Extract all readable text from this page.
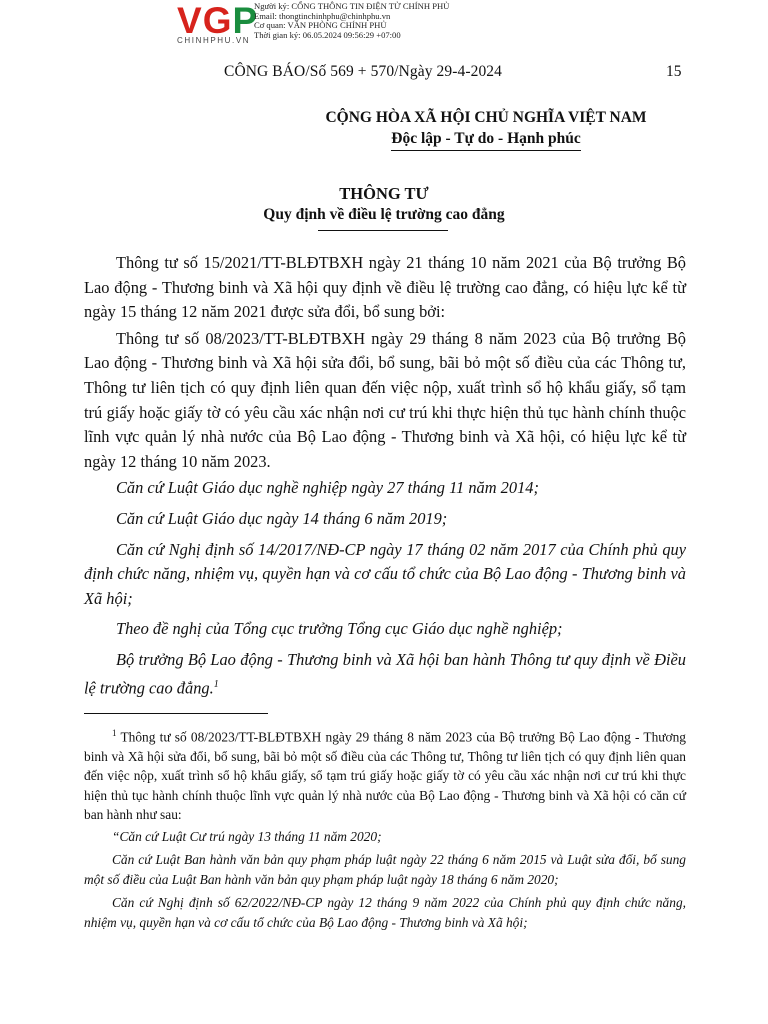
VGP
CHINHPHU.VN
Người ký: CỔNG THÔNG TIN ĐIỆN TỬ CHÍNH PHỦ
Email: thongtinchinhphu@chinhphu.vn
Cơ quan: VĂN PHÒNG CHÍNH PHỦ
Thời gian ký: 06.05.2024 09:56:29 +07:00
CÔNG BÁO/Số 569 + 570/Ngày 29-4-2024	15
CỘNG HÒA XÃ HỘI CHỦ NGHĨA VIỆT NAM
Độc lập - Tự do - Hạnh phúc
THÔNG TƯ
Quy định về điều lệ trường cao đẳng

Thông tư số 15/2021/TT-BLĐTBXH ngày 21 tháng 10 năm 2021 của Bộ trưởng Bộ Lao động - Thương binh và Xã hội quy định về điều lệ trường cao đẳng, có hiệu lực kể từ ngày 15 tháng 12 năm 2021 được sửa đổi, bổ sung bởi:

Thông tư số 08/2023/TT-BLĐTBXH ngày 29 tháng 8 năm 2023 của Bộ trưởng Bộ Lao động - Thương binh và Xã hội sửa đổi, bổ sung, bãi bỏ một số điều của các Thông tư, Thông tư liên tịch có quy định liên quan đến việc nộp, xuất trình sổ hộ khẩu giấy, sổ tạm trú giấy hoặc giấy tờ có yêu cầu xác nhận nơi cư trú khi thực hiện thủ tục hành chính thuộc lĩnh vực quản lý nhà nước của Bộ Lao động - Thương binh và Xã hội, có hiệu lực kể từ ngày 12 tháng 10 năm 2023.

Căn cứ Luật Giáo dục nghề nghiệp ngày 27 tháng 11 năm 2014;

Căn cứ Luật Giáo dục ngày 14 tháng 6 năm 2019;

Căn cứ Nghị định số 14/2017/NĐ-CP ngày 17 tháng 02 năm 2017 của Chính phủ quy định chức năng, nhiệm vụ, quyền hạn và cơ cấu tổ chức của Bộ Lao động - Thương binh và Xã hội;

Theo đề nghị của Tổng cục trưởng Tổng cục Giáo dục nghề nghiệp;

Bộ trưởng Bộ Lao động - Thương binh và Xã hội ban hành Thông tư quy định về Điều lệ trường cao đẳng.$^1$

$^1$ Thông tư số 08/2023/TT-BLĐTBXH ngày 29 tháng 8 năm 2023 của Bộ trưởng Bộ Lao động - Thương binh và Xã hội sửa đổi, bổ sung, bãi bỏ một số điều của các Thông tư, Thông tư liên tịch có quy định liên quan đến việc nộp, xuất trình sổ hộ khẩu giấy, sổ tạm trú giấy hoặc giấy tờ có yêu cầu xác nhận nơi cư trú khi thực hiện thủ tục hành chính thuộc lĩnh vực quản lý nhà nước của Bộ Lao động - Thương binh và Xã hội có căn cứ ban hành như sau:

“Căn cứ Luật Cư trú ngày 13 tháng 11 năm 2020;

Căn cứ Luật Ban hành văn bản quy phạm pháp luật ngày 22 tháng 6 năm 2015 và Luật sửa đổi, bổ sung một số điều của Luật Ban hành văn bản quy phạm pháp luật ngày 18 tháng 6 năm 2020;

Căn cứ Nghị định số 62/2022/NĐ-CP ngày 12 tháng 9 năm 2022 của Chính phủ quy định chức năng, nhiệm vụ, quyền hạn và cơ cấu tổ chức của Bộ Lao động - Thương binh và Xã hội;
